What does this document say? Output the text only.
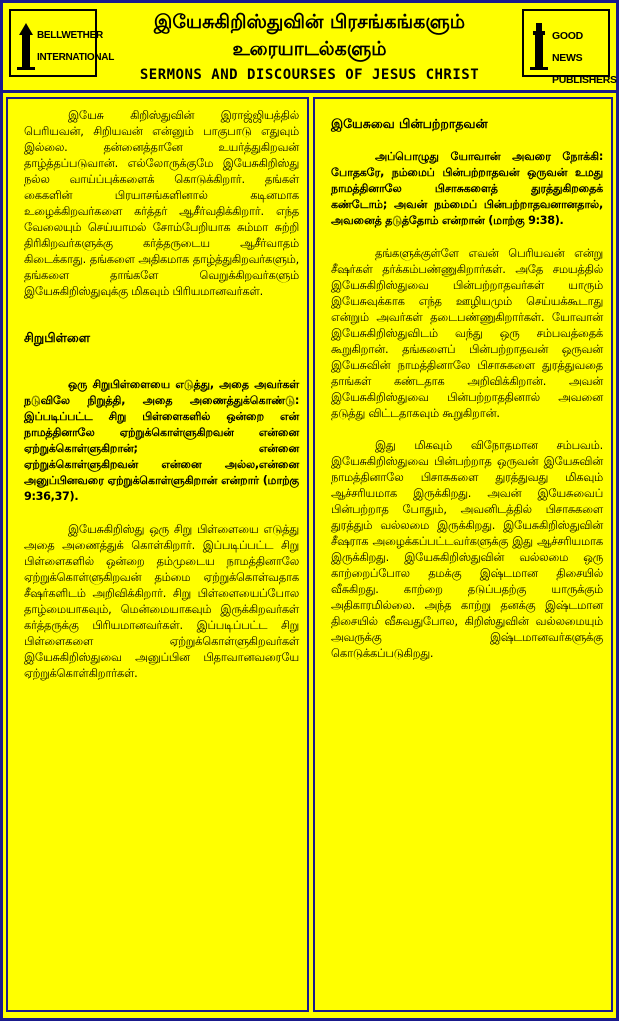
BELLWETHER
INTERNATIONAL
இயேசுகிறிஸ்துவின் பிரசங்கங்களும்
உரையாடல்களும்
SERMONS AND DISCOURSES OF JESUS CHRIST
GOOD NEWS
PUBLISHERS

இயேசு கிறிஸ்துவின் இராஜ்ஜியத்தில் பெரியவன், சிறியவன் என்னும் பாகுபாடு எதுவும் இல்லை. தன்னைத்தானே உயர்த்துகிறவன் தாழ்த்தப்படுவான். எல்லோருக்குமே இயேசுகிறிஸ்து நல்ல வாய்ப்புக்களைக் கொடுக்கிறார். தங்கள் கைகளின் பிரயாசங்களினால் கடினமாக உழைக்கிறவர்களை கர்த்தர் ஆசீர்வதிக்கிறார். எந்த வேலையும் செய்யாமல் சோம்பேறியாக சும்மா சுற்றி திரிகிறவர்களுக்கு கர்த்தருடைய ஆசீர்வாதம் கிடைக்காது. தங்களை அதிகமாக தாழ்த்துகிறவர்களும், தங்களை தாங்களே வெறுக்கிறவர்களும் இயேசுகிறிஸ்துவுக்கு மிகவும் பிரியமானவர்கள்.

சிறுபிள்ளை

ஒரு சிறுபிள்ளையை எடுத்து, அதை அவர்கள் நடுவிலே நிறுத்தி, அதை அணைத்துக்கொண்டு: இப்படிப்பட்ட சிறு பிள்ளைகளில் ஒன்றை என் நாமத்தினாலே ஏற்றுக்கொள்ளுகிறவன் என்னை ஏற்றுக்கொள்ளுகிறான்; என்னை ஏற்றுக்கொள்ளுகிறவன் என்னை அல்ல,என்னை அனுப்பினவரை ஏற்றுக்கொள்ளுகிறான் என்றார் (மாற்கு 9:36,37).

இயேசுகிறிஸ்து ஒரு சிறு பிள்ளையை எடுத்து அதை அணைத்துக் கொள்கிறார். இப்படிப்பட்ட சிறு பிள்ளைகளில் ஒன்றை தம்முடைய நாமத்தினாலே ஏற்றுக்கொள்ளுகிறவன் தம்மை ஏற்றுக்கொள்வதாக சீஷர்களிடம் அறிவிக்கிறார். சிறு பிள்ளையைப்போல தாழ்மையாகவும், மென்மையாகவும் இருக்கிறவர்கள் கர்த்தருக்கு பிரியமானவர்கள். இப்படிப்பட்ட சிறு பிள்ளைகளை ஏற்றுக்கொள்ளுகிறவர்கள் இயேசுகிறிஸ்துவை அனுப்பின பிதாவானவரையே ஏற்றுக்கொள்கிறார்கள்.

இயேசுவை பின்பற்றாதவன்

அப்பொழுது யோவான் அவரை நோக்கி: போதகரே, நம்மைப் பின்பற்றாதவன் ஒருவன் உமது நாமத்தினாலே பிசாசுகளைத் துரத்துகிறதைக் கண்டோம்; அவன் நம்மைப் பின்பற்றாதவனானதால், அவனைத் தடுத்தோம் என்றான் (மாற்கு 9:38).

தங்களுக்குள்ளே எவன் பெரியவன் என்று சீஷர்கள் தர்க்கம்பண்ணுகிறார்கள். அதே சமயத்தில் இயேசுகிறிஸ்துவை பின்பற்றாதவர்கள் யாரும் இயேசுவுக்காக எந்த ஊழியமும் செய்யக்கூடாது என்றும் அவர்கள் தடைபண்ணுகிறார்கள். யோவான் இயேசுகிறிஸ்துவிடம் வந்து ஒரு சம்பவத்தைக் கூறுகிறான். தங்களைப் பின்பற்றாதவன் ஒருவன் இயேசுவின் நாமத்தினாலே பிசாசுகளை துரத்துவதை தாங்கள் கண்டதாக அறிவிக்கிறான். அவன் இயேசுகிறிஸ்துவை பின்பற்றாததினால் அவனை தடுத்து விட்டதாகவும் கூறுகிறான்.

இது மிகவும் விநோதமான சம்பவம். இயேசுகிறிஸ்துவை பின்பற்றாத ஒருவன் இயேசுவின் நாமத்தினாலே பிசாசுகளை துரத்துவது மிகவும் ஆச்சரியமாக இருக்கிறது. அவன் இயேசுவைப் பின்பற்றாத போதும், அவனிடத்தில் பிசாசுகளை துரத்தும் வல்லமை இருக்கிறது. இயேசுகிறிஸ்துவின் சீஷராக அழைக்கப்பட்டவர்களுக்கு இது ஆச்சரியமாக இருக்கிறது. இயேசுகிறிஸ்துவின் வல்லமை ஒரு காற்றைப்போல தமக்கு இஷ்டமான திசையில் வீசுகிறது. காற்றை தடுப்பதற்கு யாருக்கும் அதிகாரமில்லை. அந்த காற்று தனக்கு இஷ்டமான திசையில் வீசுவதுபோல, கிறிஸ்துவின் வல்லமையும் அவருக்கு இஷ்டமானவர்களுக்கு கொடுக்கப்படுகிறது.
